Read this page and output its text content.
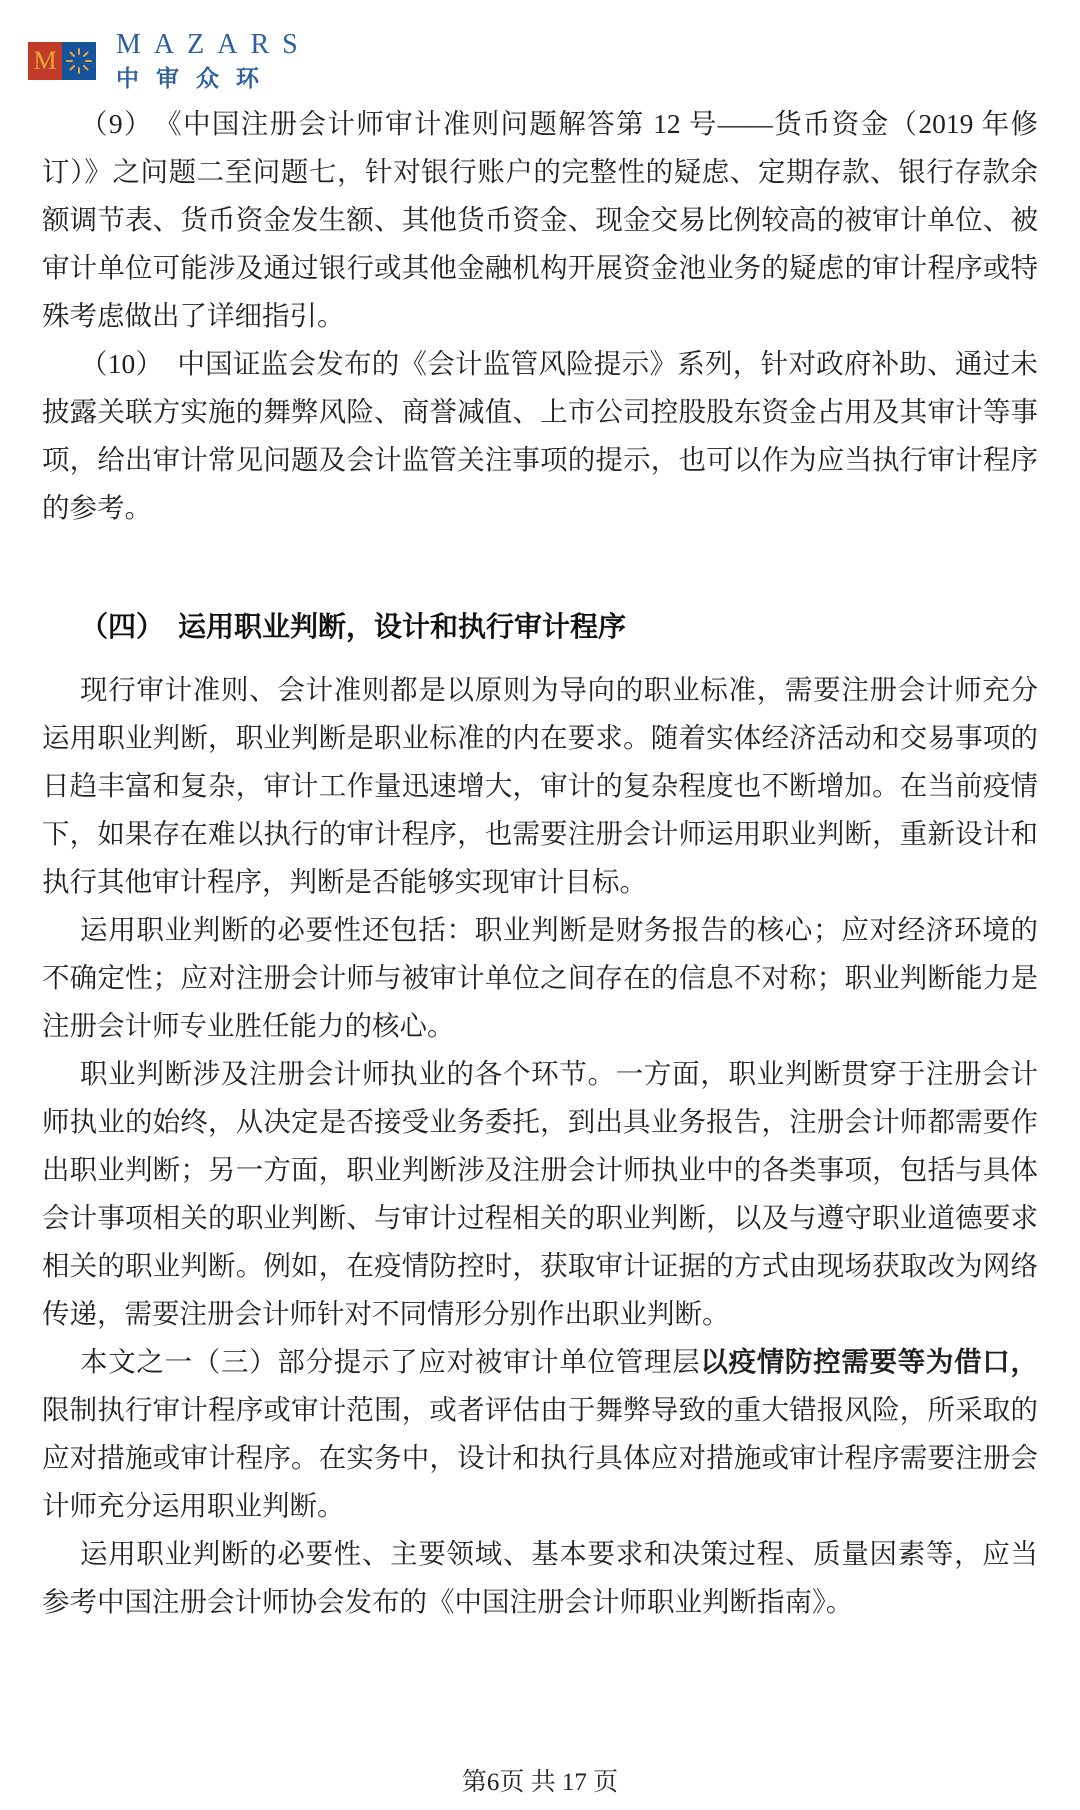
M
MAZARS
中审众环

（9）　《中国注册会计师审计准则问题解答第 12 号——货币资金（2019 年修订）》之问题二至问题七，针对银行账户的完整性的疑虑、定期存款、银行存款余额调节表、货币资金发生额、其他货币资金、现金交易比例较高的被审计单位、被审计单位可能涉及通过银行或其他金融机构开展资金池业务的疑虑的审计程序或特殊考虑做出了详细指引。

（10）　中国证监会发布的《会计监管风险提示》系列，针对政府补助、通过未披露关联方实施的舞弊风险、商誉减值、上市公司控股股东资金占用及其审计等事项，给出审计常见问题及会计监管关注事项的提示，也可以作为应当执行审计程序的参考。

（四）　运用职业判断，设计和执行审计程序

现行审计准则、会计准则都是以原则为导向的职业标准，需要注册会计师充分运用职业判断，职业判断是职业标准的内在要求。随着实体经济活动和交易事项的日趋丰富和复杂，审计工作量迅速增大，审计的复杂程度也不断增加。在当前疫情下，如果存在难以执行的审计程序，也需要注册会计师运用职业判断，重新设计和执行其他审计程序，判断是否能够实现审计目标。

运用职业判断的必要性还包括：职业判断是财务报告的核心；应对经济环境的不确定性；应对注册会计师与被审计单位之间存在的信息不对称；职业判断能力是注册会计师专业胜任能力的核心。

职业判断涉及注册会计师执业的各个环节。一方面，职业判断贯穿于注册会计师执业的始终，从决定是否接受业务委托，到出具业务报告，注册会计师都需要作出职业判断；另一方面，职业判断涉及注册会计师执业中的各类事项，包括与具体会计事项相关的职业判断、与审计过程相关的职业判断，以及与遵守职业道德要求相关的职业判断。例如，在疫情防控时，获取审计证据的方式由现场获取改为网络传递，需要注册会计师针对不同情形分别作出职业判断。

本文之一（三）部分提示了应对被审计单位管理层以疫情防控需要等为借口，限制执行审计程序或审计范围，或者评估由于舞弊导致的重大错报风险，所采取的应对措施或审计程序。在实务中，设计和执行具体应对措施或审计程序需要注册会计师充分运用职业判断。

运用职业判断的必要性、主要领域、基本要求和决策过程、质量因素等，应当参考中国注册会计师协会发布的《中国注册会计师职业判断指南》。

第6页 共 17 页
